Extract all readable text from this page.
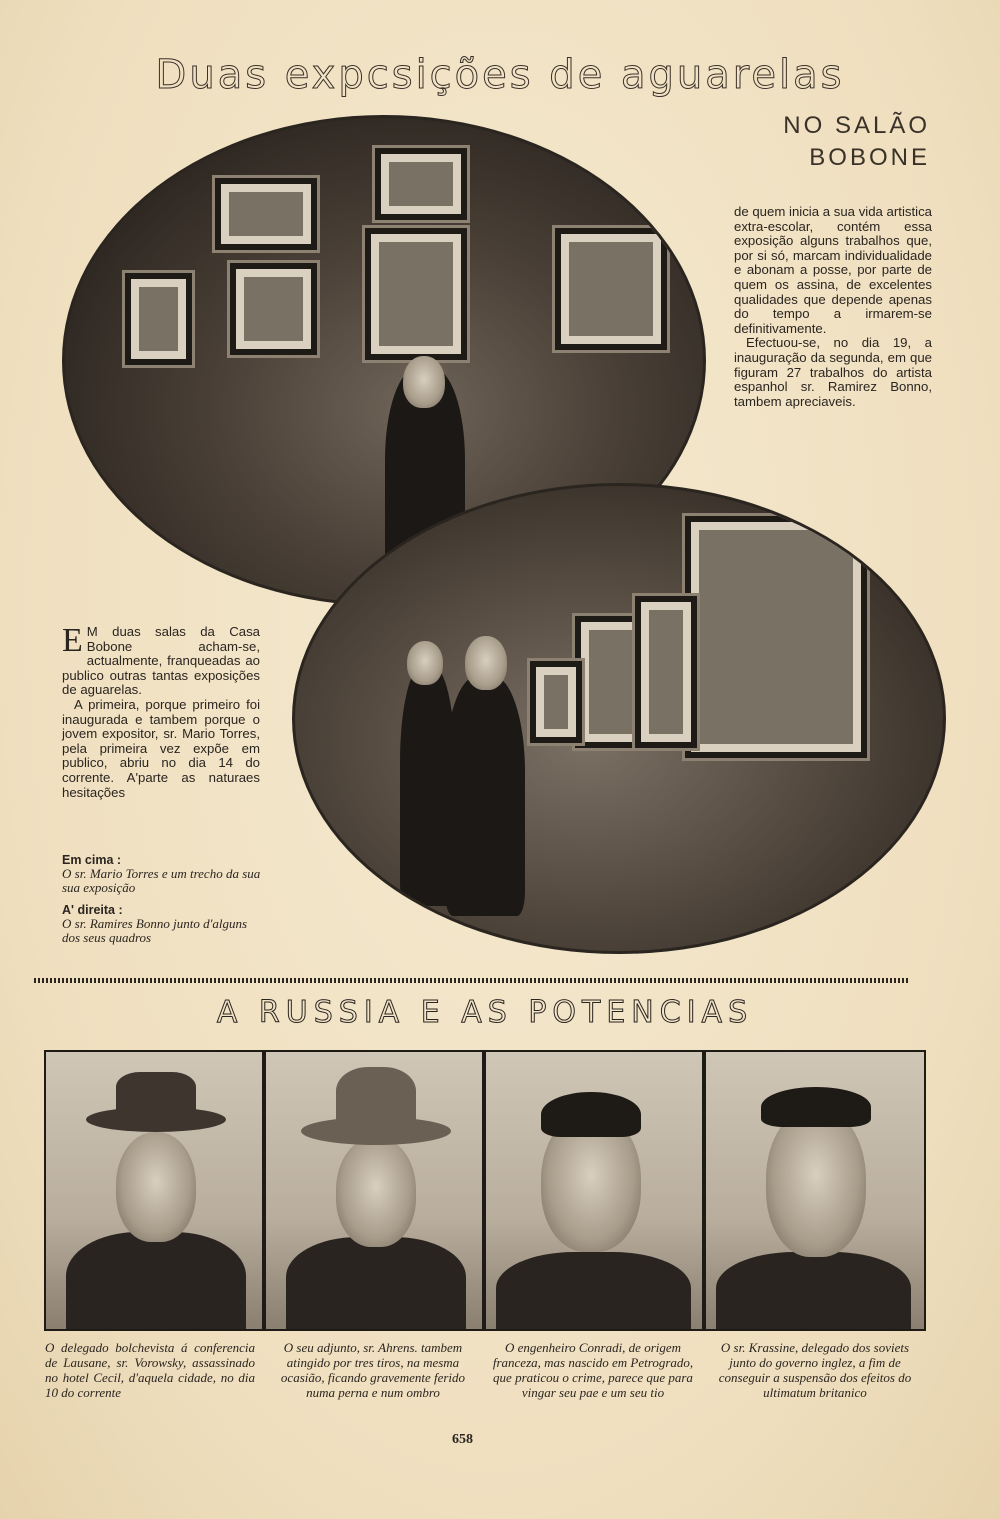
Duas expcsições de aguarelas
NO SALÃO
BOBONE

de quem inicia a sua vida artistica extra-escolar, contém essa exposição alguns trabalhos que, por si só, marcam individualidade e abonam a posse, por parte de quem os assina, de excelentes qualidades que depende apenas do tempo a irmarem-se definitivamente.

Efectuou-se, no dia 19, a inauguração da segunda, em que figuram 27 trabalhos do artista espanhol sr. Ramirez Bonno, tambem apreciaveis.

E M duas salas da Casa Bobone acham-se, actualmente, franqueadas ao publico outras tantas exposições de aguarelas.

A primeira, porque primeiro foi inaugurada e tambem porque o jovem expositor, sr. Mario Torres, pela primeira vez expõe em publico, abriu no dia 14 do corrente. A'parte as naturaes hesitações

Em cima :
O sr. Mario Torres e um trecho da sua sua exposição
A' direita :
O sr. Ramires Bonno junto d'alguns dos seus quadros
A RUSSIA E AS POTENCIAS
O delegado bolchevista á conferencia de Lausane, sr. Vorowsky, assassinado no hotel Cecil, d'aquela cidade, no dia 10 do corrente
O seu adjunto, sr. Ahrens. tambem atingido por tres tiros, na mesma ocasião, ficando gravemente ferido numa perna e num ombro
O engenheiro Conradi, de origem franceza, mas nascido em Petrogrado, que praticou o crime, parece que para vingar seu pae e um seu tio
O sr. Krassine, delegado dos soviets junto do governo inglez, a fim de conseguir a suspensão dos efeitos do ultimatum britanico
658
